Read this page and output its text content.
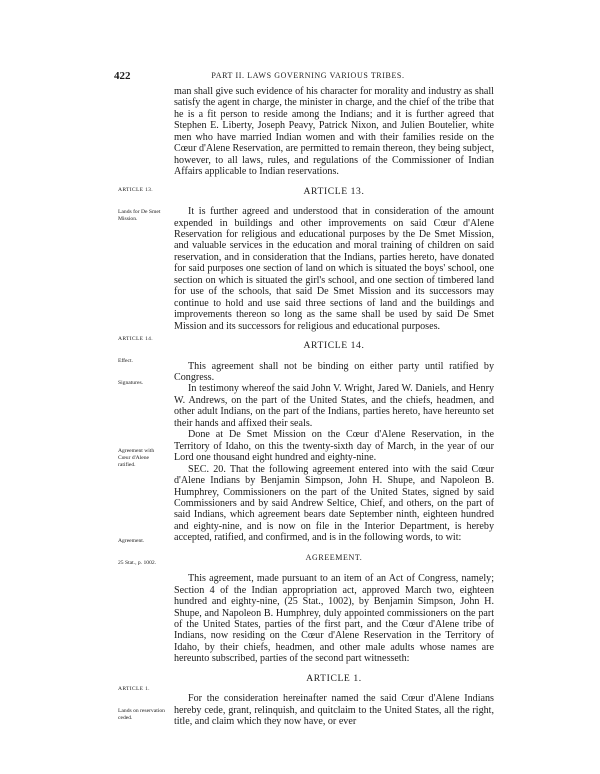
422	PART II. LAWS GOVERNING VARIOUS TRIBES.
ARTICLE 13.
Lands for De Smet Mission.
ARTICLE 14.
Effect.
Signatures.
Agreement with Cœur d'Alene ratified.
Agreement.
25 Stat., p. 1002.
ARTICLE 1.
Lands on reservation ceded.

man shall give such evidence of his character for morality and industry as shall satisfy the agent in charge, the minister in charge, and the chief of the tribe that he is a fit person to reside among the Indians; and it is further agreed that Stephen E. Liberty, Joseph Peavy, Patrick Nixon, and Julien Boutelier, white men who have married Indian women and with their families reside on the Cœur d'Alene Reservation, are permitted to remain thereon, they being subject, however, to all laws, rules, and regulations of the Commissioner of Indian Affairs applicable to Indian reservations.

ARTICLE 13.

It is further agreed and understood that in consideration of the amount expended in buildings and other improvements on said Cœur d'Alene Reservation for religious and educational purposes by the De Smet Mission, and valuable services in the education and moral training of children on said reservation, and in consideration that the Indians, parties hereto, have donated for said purposes one section of land on which is situated the boys' school, one section on which is situated the girl's school, and one section of timbered land for use of the schools, that said De Smet Mission and its successors may continue to hold and use said three sections of land and the buildings and improvements thereon so long as the same shall be used by said De Smet Mission and its successors for religious and educational purposes.

ARTICLE 14.

This agreement shall not be binding on either party until ratified by Congress.

In testimony whereof the said John V. Wright, Jared W. Daniels, and Henry W. Andrews, on the part of the United States, and the chiefs, headmen, and other adult Indians, on the part of the Indians, parties hereto, have hereunto set their hands and affixed their seals.

Done at De Smet Mission on the Cœur d'Alene Reservation, in the Territory of Idaho, on this the twenty-sixth day of March, in the year of our Lord one thousand eight hundred and eighty-nine.

SEC. 20. That the following agreement entered into with the said Cœur d'Alene Indians by Benjamin Simpson, John H. Shupe, and Napoleon B. Humphrey, Commissioners on the part of the United States, signed by said Commissioners and by said Andrew Seltice, Chief, and others, on the part of said Indians, which agreement bears date September ninth, eighteen hundred and eighty-nine, and is now on file in the Interior Department, is hereby accepted, ratified, and confirmed, and is in the following words, to wit:

AGREEMENT.

This agreement, made pursuant to an item of an Act of Congress, namely; Section 4 of the Indian appropriation act, approved March two, eighteen hundred and eighty-nine, (25 Stat., 1002), by Benjamin Simpson, John H. Shupe, and Napoleon B. Humphrey, duly appointed commissioners on the part of the United States, parties of the first part, and the Cœur d'Alene tribe of Indians, now residing on the Cœur d'Alene Reservation in the Territory of Idaho, by their chiefs, headmen, and other male adults whose names are hereunto subscribed, parties of the second part witnesseth:

ARTICLE 1.

For the consideration hereinafter named the said Cœur d'Alene Indians hereby cede, grant, relinquish, and quitclaim to the United States, all the right, title, and claim which they now have, or ever
